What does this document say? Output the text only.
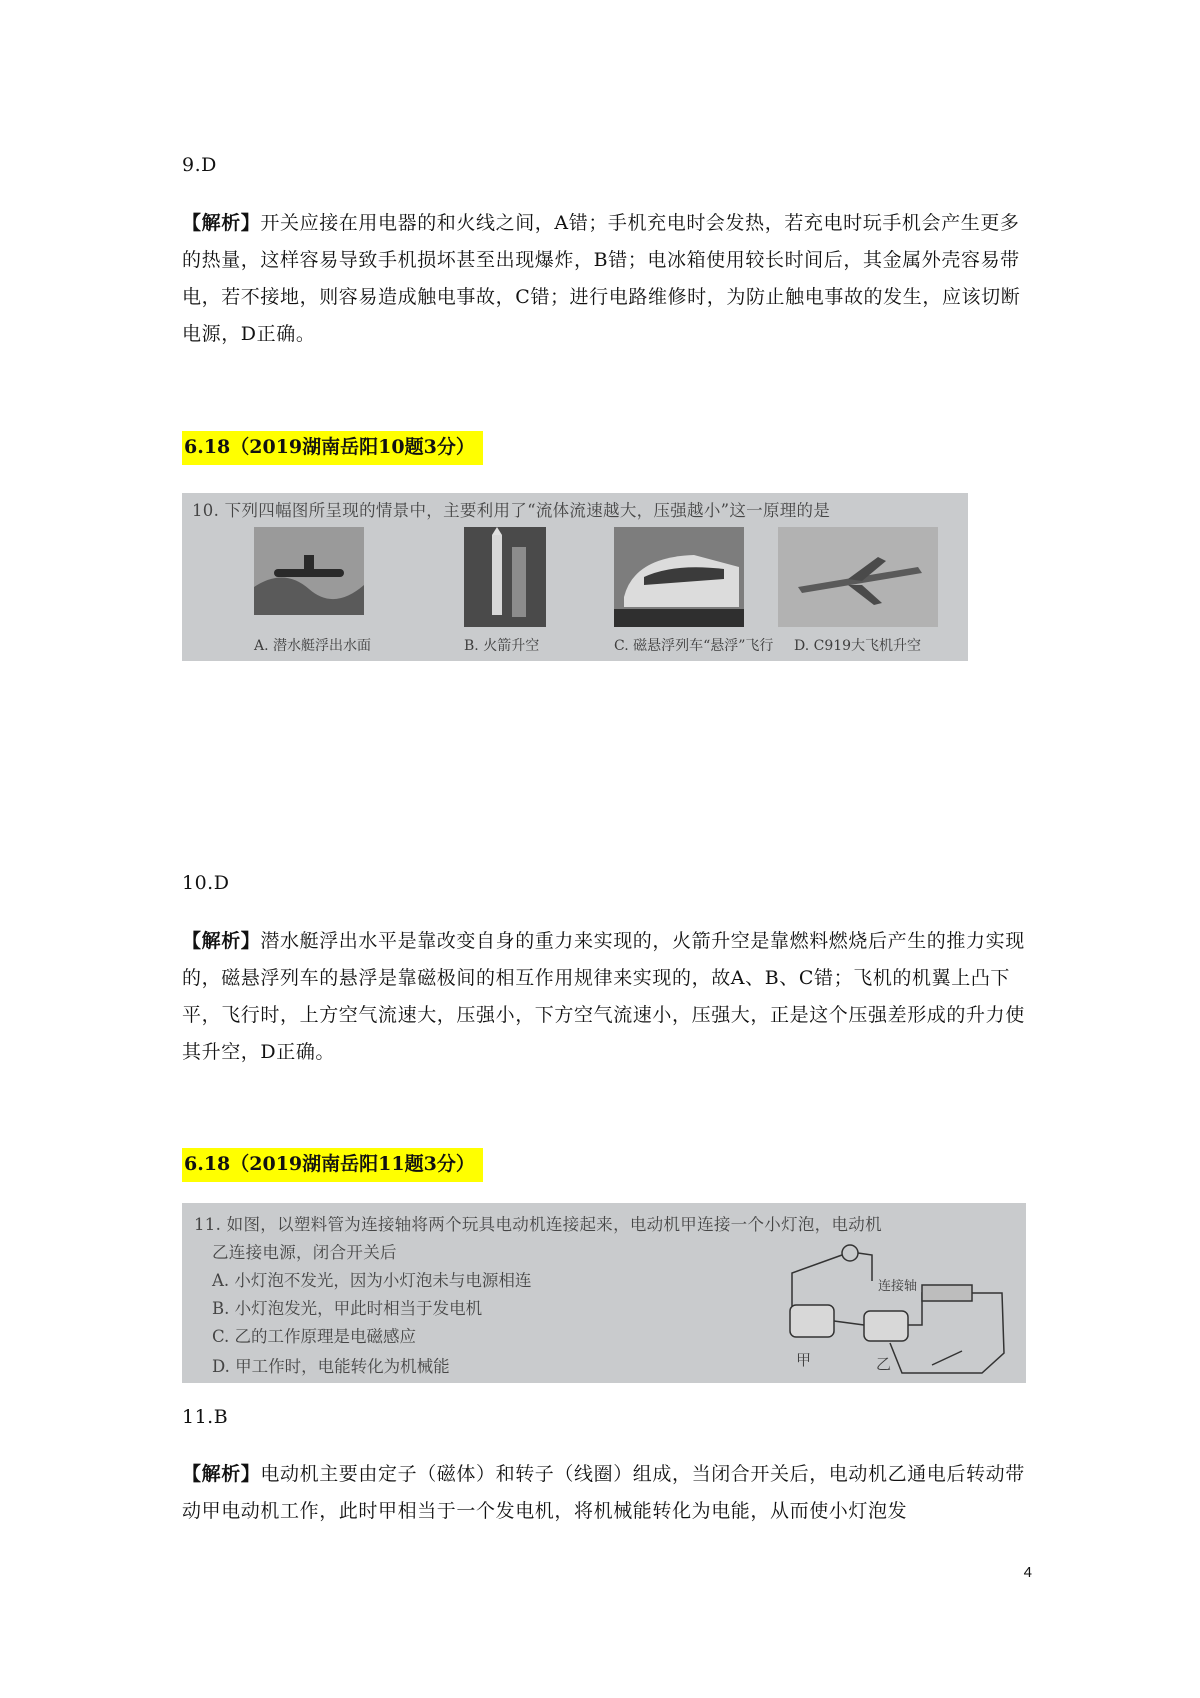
9.D
【解析】开关应接在用电器的和火线之间，A错；手机充电时会发热，若充电时玩手机会产生更多的热量，这样容易导致手机损坏甚至出现爆炸，B错；电冰箱使用较长时间后，其金属外壳容易带电，若不接地，则容易造成触电事故，C错；进行电路维修时，为防止触电事故的发生，应该切断电源，D正确。
6.18（2019湖南岳阳10题3分）
10. 下列四幅图所呈现的情景中，主要利用了“流体流速越大，压强越小”这一原理的是
A. 潜水艇浮出水面	B. 火箭升空	C. 磁悬浮列车“悬浮”飞行 D. C919大飞机升空
10.D
【解析】潜水艇浮出水平是靠改变自身的重力来实现的，火箭升空是靠燃料燃烧后产生的推力实现的，磁悬浮列车的悬浮是靠磁极间的相互作用规律来实现的，故A、B、C错；飞机的机翼上凸下平，飞行时，上方空气流速大，压强小，下方空气流速小，压强大，正是这个压强差形成的升力使其升空，D正确。
6.18（2019湖南岳阳11题3分）
11. 如图，以塑料管为连接轴将两个玩具电动机连接起来，电动机甲连接一个小灯泡，电动机
乙连接电源，闭合开关后
A. 小灯泡不发光，因为小灯泡未与电源相连
B. 小灯泡发光，甲此时相当于发电机
C. 乙的工作原理是电磁感应
D. 甲工作时，电能转化为机械能
连接轴
甲	乙
11.B
【解析】电动机主要由定子（磁体）和转子（线圈）组成，当闭合开关后，电动机乙通电后转动带动甲电动机工作，此时甲相当于一个发电机，将机械能转化为电能，从而使小灯泡发
4
